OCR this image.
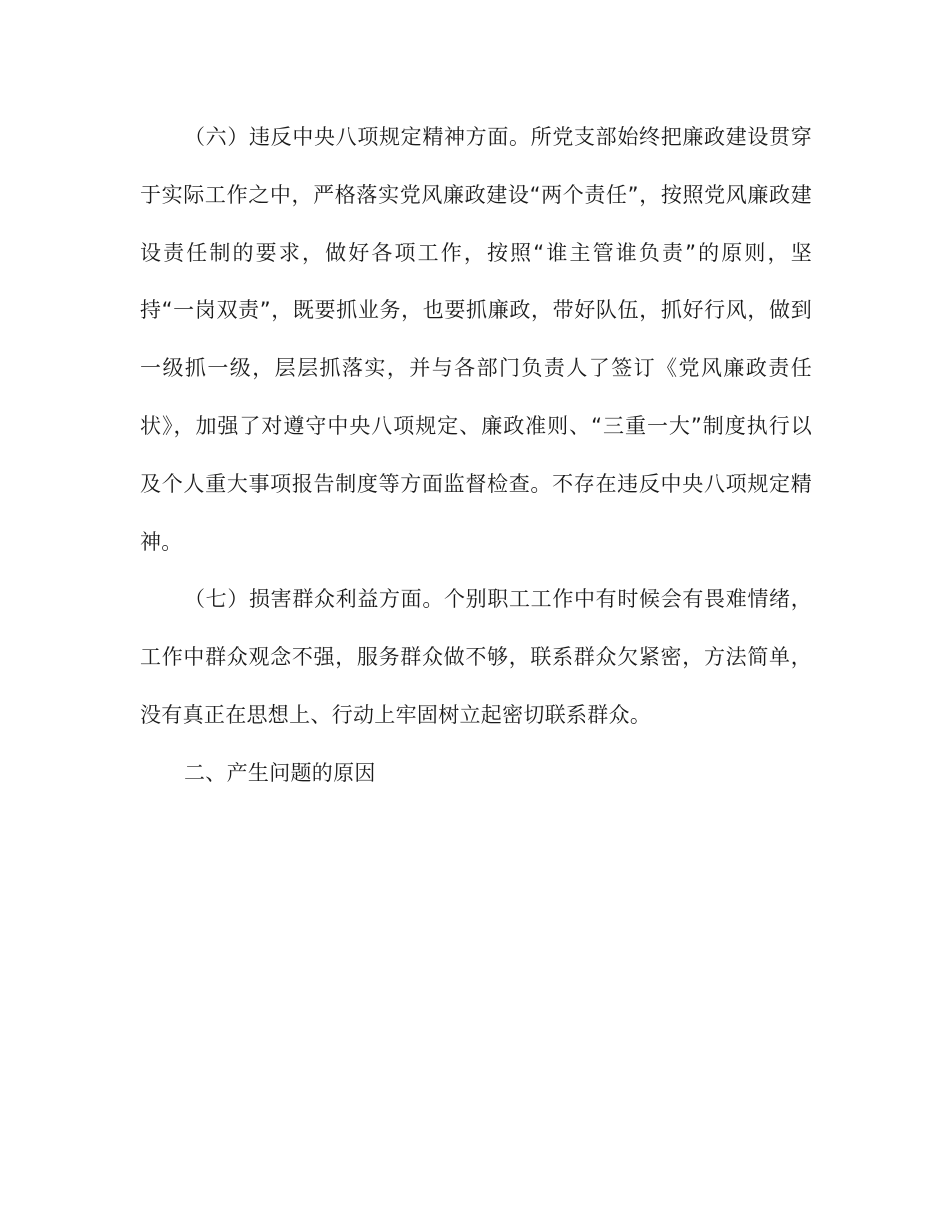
（六）违反中央八项规定精神方面。所党支部始终把廉政建设贯穿于实际工作之中，严格落实党风廉政建设“两个责任”，按照党风廉政建设责任制的要求，做好各项工作，按照“谁主管谁负责”的原则，坚持“一岗双责”，既要抓业务，也要抓廉政，带好队伍，抓好行风，做到一级抓一级，层层抓落实，并与各部门负责人了签订《党风廉政责任状》，加强了对遵守中央八项规定、廉政准则、“三重一大”制度执行以及个人重大事项报告制度等方面监督检查。不存在违反中央八项规定精神。

（七）损害群众利益方面。个别职工工作中有时候会有畏难情绪，工作中群众观念不强，服务群众做不够，联系群众欠紧密，方法简单，没有真正在思想上、行动上牢固树立起密切联系群众。

二、产生问题的原因
